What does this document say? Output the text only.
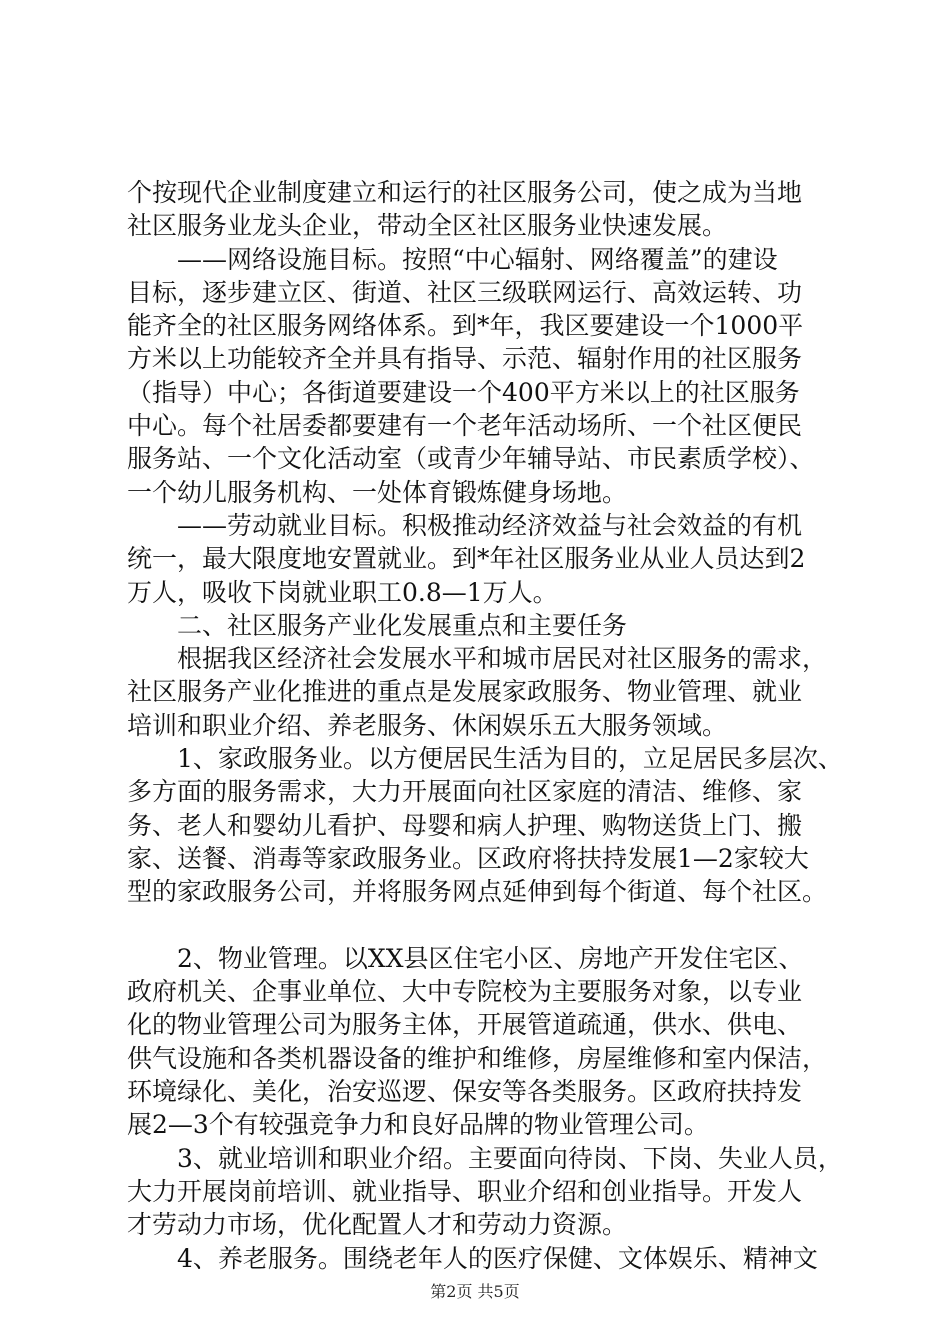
个按现代企业制度建立和运行的社区服务公司，使之成为当地
社区服务业龙头企业，带动全区社区服务业快速发展。
——网络设施目标。按照“中心辐射、网络覆盖”的建设
目标，逐步建立区、街道、社区三级联网运行、高效运转、功
能齐全的社区服务网络体系。到*年，我区要建设一个1000平
方米以上功能较齐全并具有指导、示范、辐射作用的社区服务
（指导）中心；各街道要建设一个400平方米以上的社区服务
中心。每个社居委都要建有一个老年活动场所、一个社区便民
服务站、一个文化活动室（或青少年辅导站、市民素质学校）、
一个幼儿服务机构、一处体育锻炼健身场地。
——劳动就业目标。积极推动经济效益与社会效益的有机
统一，最大限度地安置就业。到*年社区服务业从业人员达到2
万人，吸收下岗就业职工0.8—1万人。
二、社区服务产业化发展重点和主要任务
根据我区经济社会发展水平和城市居民对社区服务的需求，
社区服务产业化推进的重点是发展家政服务、物业管理、就业
培训和职业介绍、养老服务、休闲娱乐五大服务领域。
1、家政服务业。以方便居民生活为目的，立足居民多层次、
多方面的服务需求，大力开展面向社区家庭的清洁、维修、家
务、老人和婴幼儿看护、母婴和病人护理、购物送货上门、搬
家、送餐、消毒等家政服务业。区政府将扶持发展1—2家较大
型的家政服务公司，并将服务网点延伸到每个街道、每个社区。
2、物业管理。以XX县区住宅小区、房地产开发住宅区、
政府机关、企事业单位、大中专院校为主要服务对象，以专业
化的物业管理公司为服务主体，开展管道疏通，供水、供电、
供气设施和各类机器设备的维护和维修，房屋维修和室内保洁，
环境绿化、美化，治安巡逻、保安等各类服务。区政府扶持发
展2—3个有较强竞争力和良好品牌的物业管理公司。
3、就业培训和职业介绍。主要面向待岗、下岗、失业人员，
大力开展岗前培训、就业指导、职业介绍和创业指导。开发人
才劳动力市场，优化配置人才和劳动力资源。
4、养老服务。围绕老年人的医疗保健、文体娱乐、精神文
第2页 共5页
